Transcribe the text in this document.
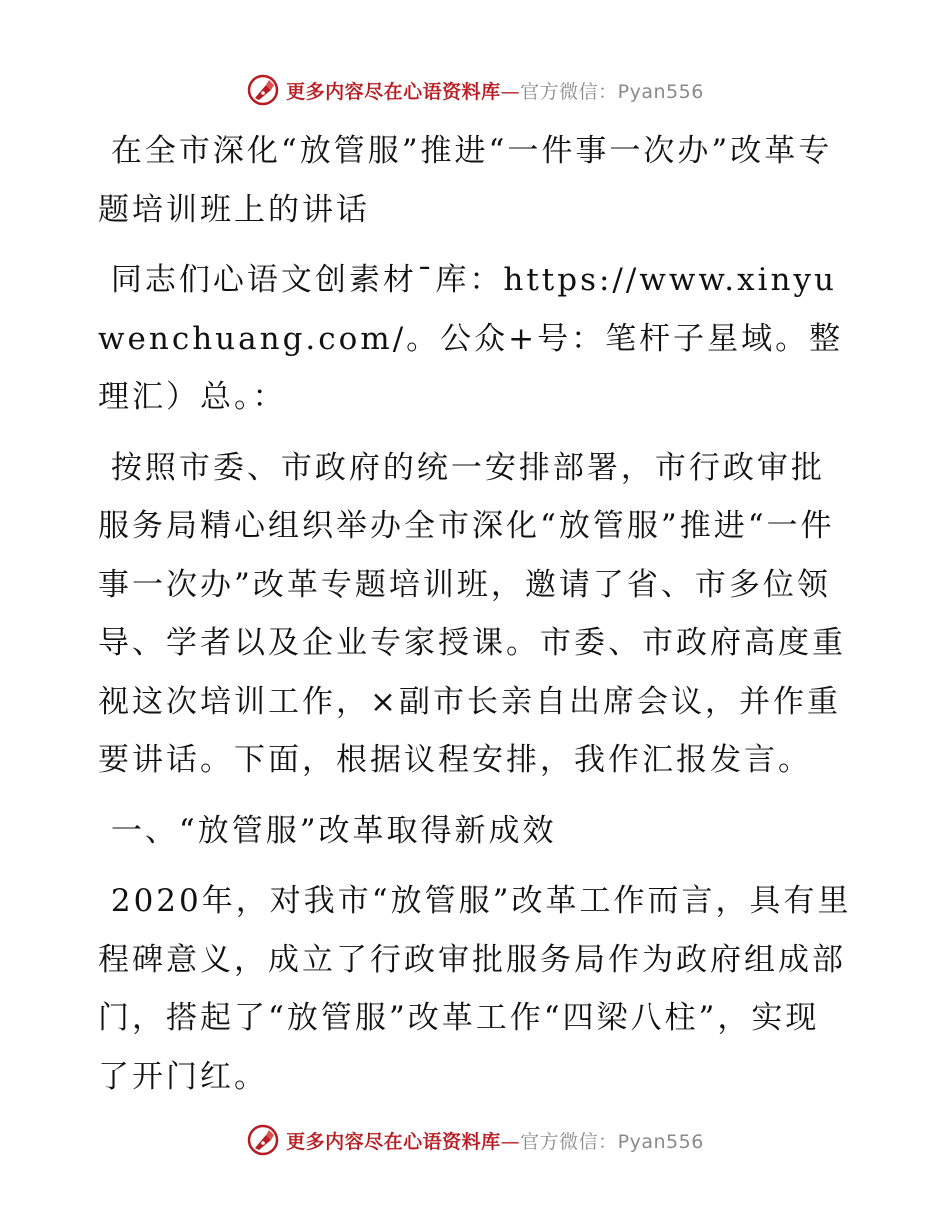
更多内容尽在心语资料库—官方微信：Pyan556

在全市深化“放管服”推进“一件事一次办”改革专题培训班上的讲话

同志们心语文创素材¯库：https://www.xinyuwenchuang.com/。公众+号：笔杆子星域。整理汇）总。：

按照市委、市政府的统一安排部署，市行政审批服务局精心组织举办全市深化“放管服”推进“一件事一次办”改革专题培训班，邀请了省、市多位领导、学者以及企业专家授课。市委、市政府高度重视这次培训工作，×副市长亲自出席会议，并作重要讲话。下面，根据议程安排，我作汇报发言。

一、“放管服”改革取得新成效

2020年，对我市“放管服”改革工作而言，具有里程碑意义，成立了行政审批服务局作为政府组成部门，搭起了“放管服”改革工作“四梁八柱”，实现了开门红。

更多内容尽在心语资料库—官方微信：Pyan556
